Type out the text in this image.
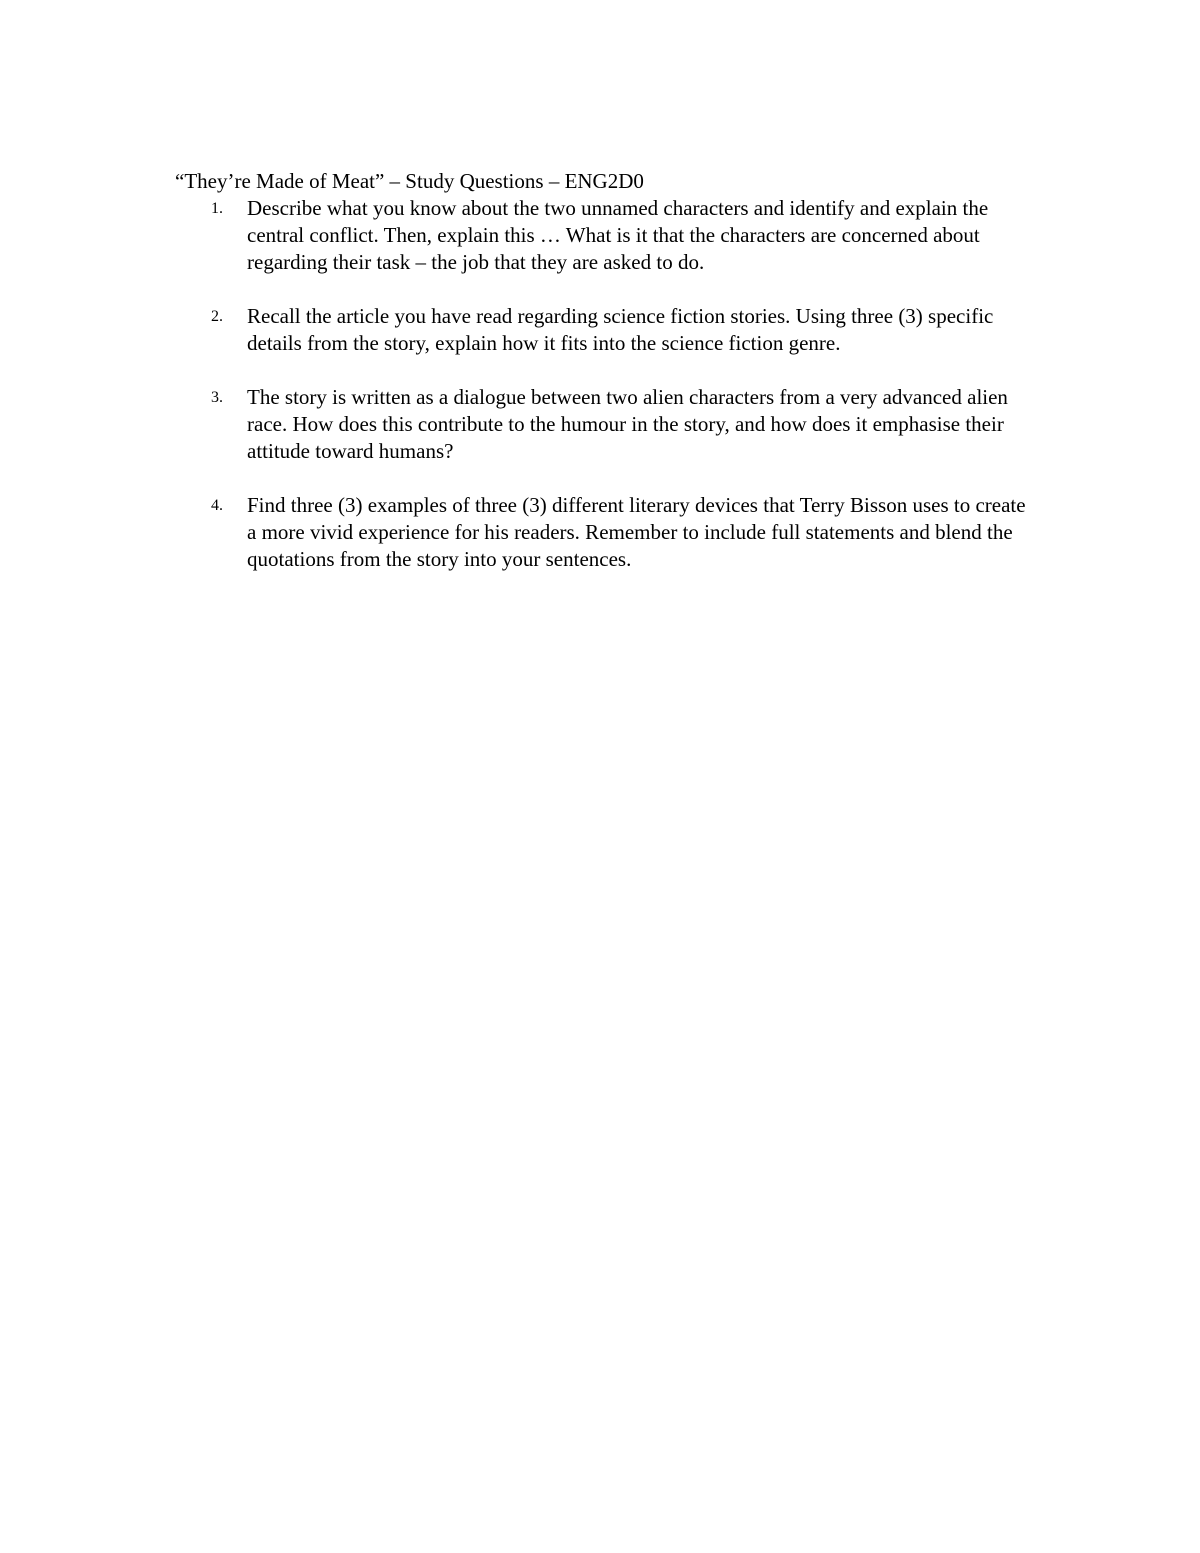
“They’re Made of Meat” – Study Questions – ENG2D0
1. Describe what you know about the two unnamed characters and identify and explain the central conflict. Then, explain this … What is it that the characters are concerned about regarding their task – the job that they are asked to do.
2. Recall the article you have read regarding science fiction stories. Using three (3) specific details from the story, explain how it fits into the science fiction genre.
3. The story is written as a dialogue between two alien characters from a very advanced alien race. How does this contribute to the humour in the story, and how does it emphasise their attitude toward humans?
4. Find three (3) examples of three (3) different literary devices that Terry Bisson uses to create a more vivid experience for his readers. Remember to include full statements and blend the quotations from the story into your sentences.
